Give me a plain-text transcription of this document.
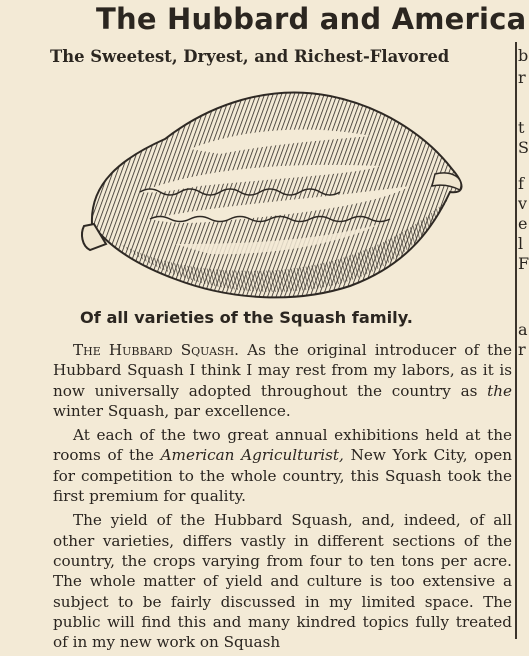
The Hubbard and America
The Sweetest, Dryest, and Richest-Flavored
Of all varieties of the Squash family.

The Hubbard Squash. As the original introducer of the Hubbard Squash I think I may rest from my labors, as it is now universally adopted throughout the country as the winter Squash, par excellence.

At each of the two great annual exhibitions held at the rooms of the American Agriculturist, New York City, open for competition to the whole country, this Squash took the first premium for quality.

The yield of the Hubbard Squash, and, indeed, of all other varieties, differs vastly in different sections of the country, the crops varying from four to ten tons per acre. The whole matter of yield and culture is too extensive a subject to be fairly discussed in my limited space. The public will find this and many kindred topics fully treated of in my new work on Squash

b
r
t
S
f
v
e
l
F
a
r
